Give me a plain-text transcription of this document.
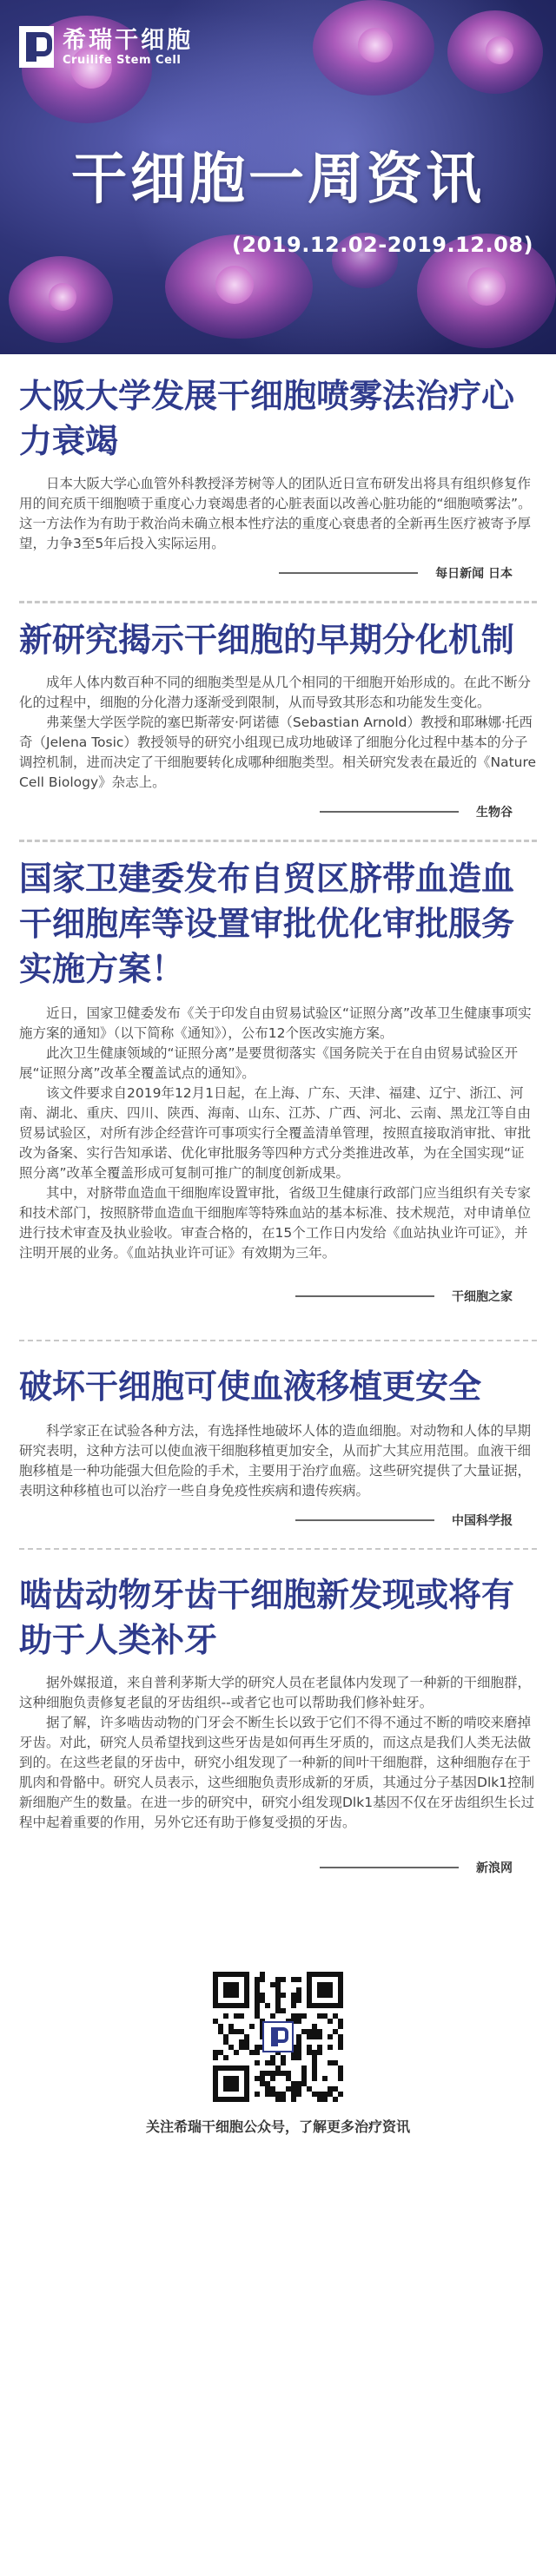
希瑞干细胞
Cruilife Stem Cell
干细胞一周资讯
(2019.12.02-2019.12.08)
大阪大学发展干细胞喷雾法治疗心力衰竭

日本大阪大学心血管外科教授泽芳树等人的团队近日宣布研发出将具有组织修复作用的间充质干细胞喷于重度心力衰竭患者的心脏表面以改善心脏功能的“细胞喷雾法”。这一方法作为有助于救治尚未确立根本性疗法的重度心衰患者的全新再生医疗被寄予厚望，力争3至5年后投入实际运用。

每日新闻 日本
新研究揭示干细胞的早期分化机制

成年人体内数百种不同的细胞类型是从几个相同的干细胞开始形成的。在此不断分化的过程中，细胞的分化潜力逐渐受到限制，从而导致其形态和功能发生变化。

弗莱堡大学医学院的塞巴斯蒂安·阿诺德（Sebastian Arnold）教授和耶琳娜·托西奇（Jelena Tosic）教授领导的研究小组现已成功地破译了细胞分化过程中基本的分子调控机制，进而决定了干细胞要转化成哪种细胞类型。相关研究发表在最近的《Nature Cell Biology》杂志上。

生物谷
国家卫建委发布自贸区脐带血造血干细胞库等设置审批优化审批服务实施方案！

近日，国家卫健委发布《关于印发自由贸易试验区“证照分离”改革卫生健康事项实施方案的通知》（以下简称《通知》），公布12个医改实施方案。

此次卫生健康领域的“证照分离”是要贯彻落实《国务院关于在自由贸易试验区开展“证照分离”改革全覆盖试点的通知》。

该文件要求自2019年12月1日起，在上海、广东、天津、福建、辽宁、浙江、河南、湖北、重庆、四川、陕西、海南、山东、江苏、广西、河北、云南、黑龙江等自由贸易试验区，对所有涉企经营许可事项实行全覆盖清单管理，按照直接取消审批、审批改为备案、实行告知承诺、优化审批服务等四种方式分类推进改革，为在全国实现“证照分离”改革全覆盖形成可复制可推广的制度创新成果。

其中，对脐带血造血干细胞库设置审批，省级卫生健康行政部门应当组织有关专家和技术部门，按照脐带血造血干细胞库等特殊血站的基本标准、技术规范，对申请单位进行技术审查及执业验收。审查合格的，在15个工作日内发给《血站执业许可证》，并注明开展的业务。《血站执业许可证》有效期为三年。

干细胞之家
破坏干细胞可使血液移植更安全

科学家正在试验各种方法，有选择性地破坏人体的造血细胞。对动物和人体的早期研究表明，这种方法可以使血液干细胞移植更加安全，从而扩大其应用范围。血液干细胞移植是一种功能强大但危险的手术，主要用于治疗血癌。这些研究提供了大量证据，表明这种移植也可以治疗一些自身免疫性疾病和遗传疾病。

中国科学报
啮齿动物牙齿干细胞新发现或将有助于人类补牙

据外媒报道，来自普利茅斯大学的研究人员在老鼠体内发现了一种新的干细胞群，这种细胞负责修复老鼠的牙齿组织--或者它也可以帮助我们修补蛀牙。

据了解，许多啮齿动物的门牙会不断生长以致于它们不得不通过不断的啃咬来磨掉牙齿。对此，研究人员希望找到这些牙齿是如何再生牙质的，而这点是我们人类无法做到的。在这些老鼠的牙齿中，研究小组发现了一种新的间叶干细胞群，这种细胞存在于肌肉和骨骼中。研究人员表示，这些细胞负责形成新的牙质，其通过分子基因Dlk1控制新细胞产生的数量。在进一步的研究中，研究小组发现Dlk1基因不仅在牙齿组织生长过程中起着重要的作用，另外它还有助于修复受损的牙齿。

新浪网
关注希瑞干细胞公众号，了解更多治疗资讯
